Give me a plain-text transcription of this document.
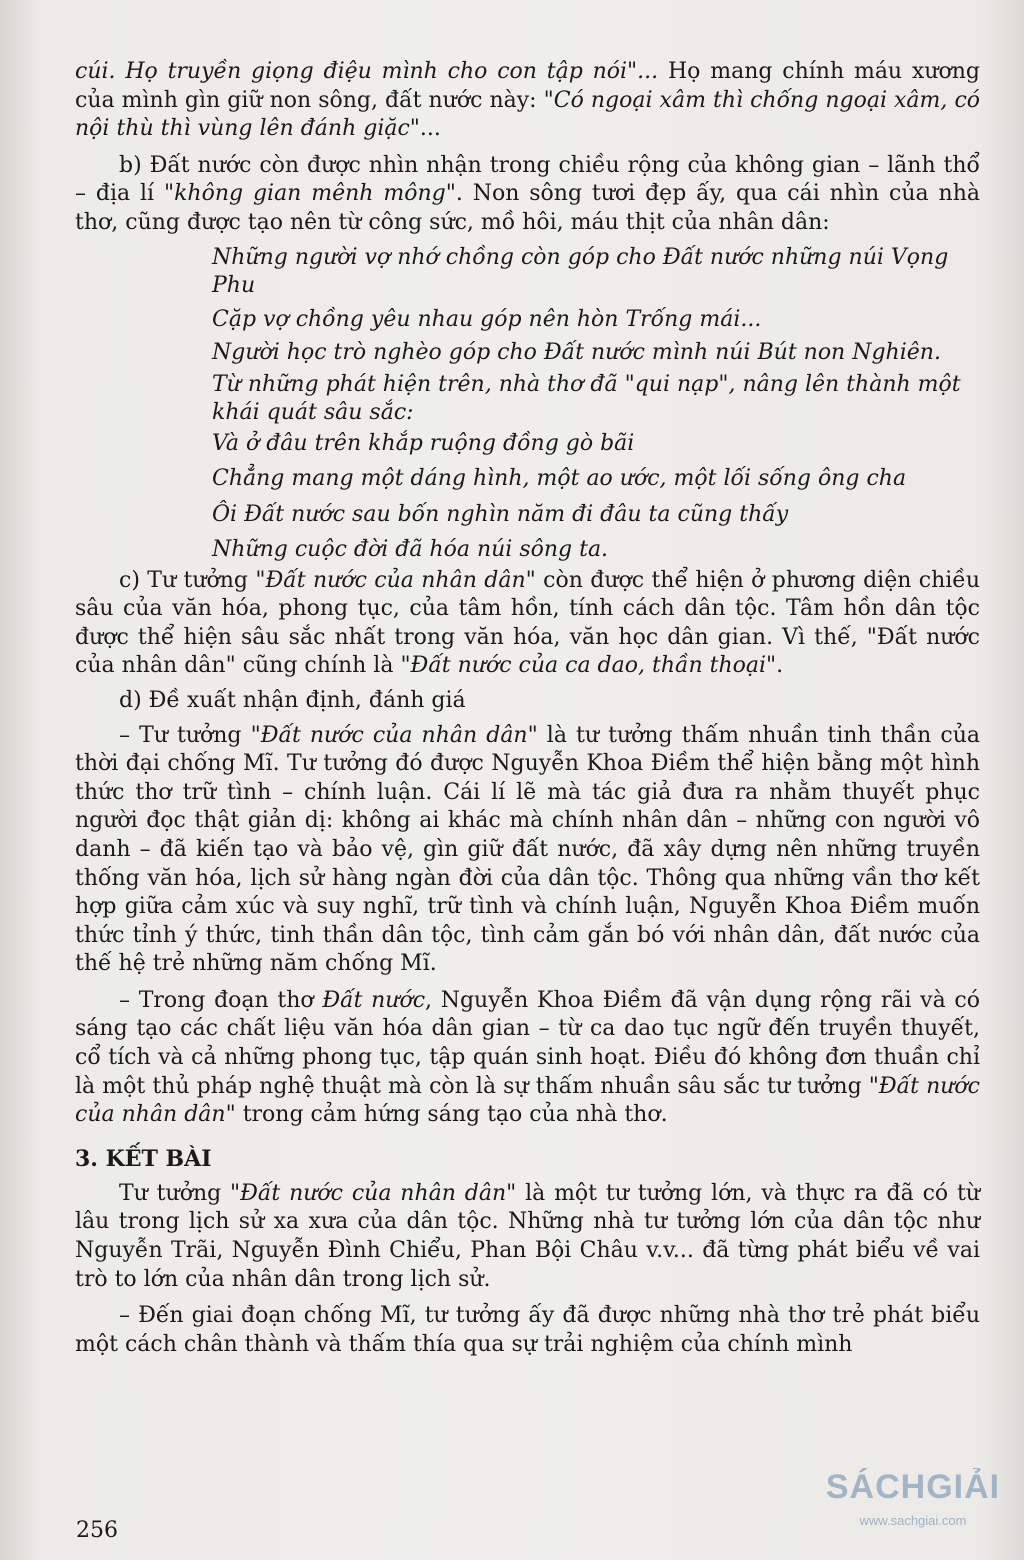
cúi. Họ truyền giọng điệu mình cho con tập nói"... Họ mang chính máu xương của mình gìn giữ non sông, đất nước này: "Có ngoại xâm thì chống ngoại xâm, có nội thù thì vùng lên đánh giặc"...

b) Đất nước còn được nhìn nhận trong chiều rộng của không gian – lãnh thổ – địa lí "không gian mênh mông". Non sông tươi đẹp ấy, qua cái nhìn của nhà thơ, cũng được tạo nên từ công sức, mồ hôi, máu thịt của nhân dân:

Những người vợ nhớ chồng còn góp cho Đất nước những núi Vọng Phu
Cặp vợ chồng yêu nhau góp nên hòn Trống mái...
Người học trò nghèo góp cho Đất nước mình núi Bút non Nghiên.
Từ những phát hiện trên, nhà thơ đã "qui nạp", nâng lên thành một khái quát sâu sắc:
Và ở đâu trên khắp ruộng đồng gò bãi
Chẳng mang một dáng hình, một ao ước, một lối sống ông cha
Ôi Đất nước sau bốn nghìn năm đi đâu ta cũng thấy
Những cuộc đời đã hóa núi sông ta.

c) Tư tưởng "Đất nước của nhân dân" còn được thể hiện ở phương diện chiều sâu của văn hóa, phong tục, của tâm hồn, tính cách dân tộc. Tâm hồn dân tộc được thể hiện sâu sắc nhất trong văn hóa, văn học dân gian. Vì thế, "Đất nước của nhân dân" cũng chính là "Đất nước của ca dao, thần thoại".

d) Đề xuất nhận định, đánh giá

– Tư tưởng "Đất nước của nhân dân" là tư tưởng thấm nhuần tinh thần của thời đại chống Mĩ. Tư tưởng đó được Nguyễn Khoa Điềm thể hiện bằng một hình thức thơ trữ tình – chính luận. Cái lí lẽ mà tác giả đưa ra nhằm thuyết phục người đọc thật giản dị: không ai khác mà chính nhân dân – những con người vô danh – đã kiến tạo và bảo vệ, gìn giữ đất nước, đã xây dựng nên những truyền thống văn hóa, lịch sử hàng ngàn đời của dân tộc. Thông qua những vần thơ kết hợp giữa cảm xúc và suy nghĩ, trữ tình và chính luận, Nguyễn Khoa Điềm muốn thức tỉnh ý thức, tinh thần dân tộc, tình cảm gắn bó với nhân dân, đất nước của thế hệ trẻ những năm chống Mĩ.

– Trong đoạn thơ Đất nước, Nguyễn Khoa Điềm đã vận dụng rộng rãi và có sáng tạo các chất liệu văn hóa dân gian – từ ca dao tục ngữ đến truyền thuyết, cổ tích và cả những phong tục, tập quán sinh hoạt. Điều đó không đơn thuần chỉ là một thủ pháp nghệ thuật mà còn là sự thấm nhuần sâu sắc tư tưởng "Đất nước của nhân dân" trong cảm hứng sáng tạo của nhà thơ.

3. KẾT BÀI

Tư tưởng "Đất nước của nhân dân" là một tư tưởng lớn, và thực ra đã có từ lâu trong lịch sử xa xưa của dân tộc. Những nhà tư tưởng lớn của dân tộc như Nguyễn Trãi, Nguyễn Đình Chiểu, Phan Bội Châu v.v... đã từng phát biểu về vai trò to lớn của nhân dân trong lịch sử.

– Đến giai đoạn chống Mĩ, tư tưởng ấy đã được những nhà thơ trẻ phát biểu một cách chân thành và thấm thía qua sự trải nghiệm của chính mình

256
SÁCHGIẢI
www.sachgiai.com
